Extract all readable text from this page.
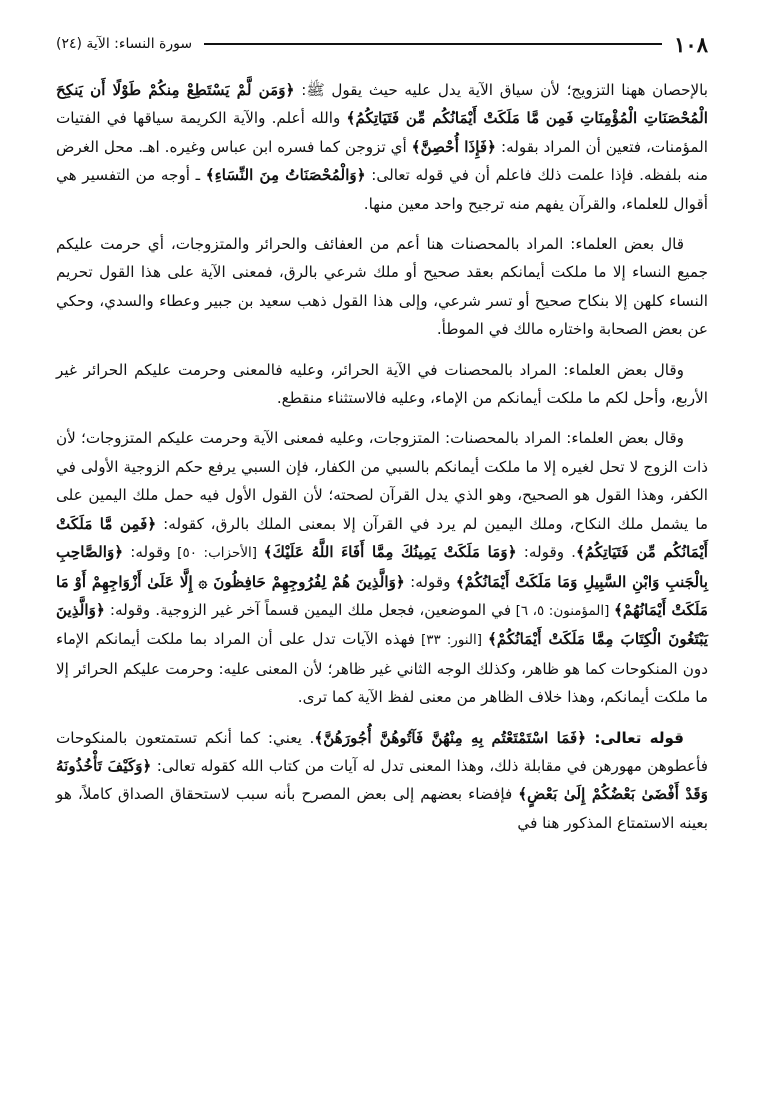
١٠٨
سورة النساء: الآية (٢٤)

بالإحصان ههنا التزويج؛ لأن سياق الآية يدل عليه حيث يقول ﷺ: ﴿وَمَن لَّمْ يَسْتَطِعْ مِنكُمْ طَوْلًا أَن يَنكِحَ الْمُحْصَنَاتِ الْمُؤْمِنَاتِ فَمِن مَّا مَلَكَتْ أَيْمَانُكُم مِّن فَتَيَاتِكُمُ﴾ والله أعلم. والآية الكريمة سياقها في الفتيات المؤمنات، فتعين أن المراد بقوله: ﴿فَإِذَا أُحْصِنَّ﴾ أي تزوجن كما فسره ابن عباس وغيره. اهـ. محل الغرض منه بلفظه. فإذا علمت ذلك فاعلم أن في قوله تعالى: ﴿وَالْمُحْصَنَاتُ مِنَ النِّسَاءِ﴾ ـ أوجه من التفسير هي أقوال للعلماء، والقرآن يفهم منه ترجيح واحد معين منها.

قال بعض العلماء: المراد بالمحصنات هنا أعم من العفائف والحرائر والمتزوجات، أي حرمت عليكم جميع النساء إلا ما ملكت أيمانكم بعقد صحيح أو ملك شرعي بالرق، فمعنى الآية على هذا القول تحريم النساء كلهن إلا بنكاح صحيح أو تسر شرعي، وإلى هذا القول ذهب سعيد بن جبير وعطاء والسدي، وحكي عن بعض الصحابة واختاره مالك في الموطأ.

وقال بعض العلماء: المراد بالمحصنات في الآية الحرائر، وعليه فالمعنى وحرمت عليكم الحرائر غير الأربع، وأحل لكم ما ملكت أيمانكم من الإماء، وعليه فالاستثناء منقطع.

وقال بعض العلماء: المراد بالمحصنات: المتزوجات، وعليه فمعنى الآية وحرمت عليكم المتزوجات؛ لأن ذات الزوج لا تحل لغيره إلا ما ملكت أيمانكم بالسبي من الكفار، فإن السبي يرفع حكم الزوجية الأولى في الكفر، وهذا القول هو الصحيح، وهو الذي يدل القرآن لصحته؛ لأن القول الأول فيه حمل ملك اليمين على ما يشمل ملك النكاح، وملك اليمين لم يرد في القرآن إلا بمعنى الملك بالرق، كقوله: ﴿فَمِن مَّا مَلَكَتْ أَيْمَانُكُم مِّن فَتَيَاتِكُمُ﴾. وقوله: ﴿وَمَا مَلَكَتْ يَمِينُكَ مِمَّا أَفَاءَ اللَّهُ عَلَيْكَ﴾ [الأحزاب: ٥٠] وقوله: ﴿وَالصَّاحِبِ بِالْجَنبِ وَابْنِ السَّبِيلِ وَمَا مَلَكَتْ أَيْمَانُكُمْ﴾ وقوله: ﴿وَالَّذِينَ هُمْ لِفُرُوجِهِمْ حَافِظُونَ ۞ إِلَّا عَلَىٰ أَزْوَاجِهِمْ أَوْ مَا مَلَكَتْ أَيْمَانُهُمْ﴾ [المؤمنون: ٥، ٦] في الموضعين، فجعل ملك اليمين قسماً آخر غير الزوجية. وقوله: ﴿وَالَّذِينَ يَبْتَغُونَ الْكِتَابَ مِمَّا مَلَكَتْ أَيْمَانُكُمْ﴾ [النور: ٣٣] فهذه الآيات تدل على أن المراد بما ملكت أيمانكم الإماء دون المنكوحات كما هو ظاهر، وكذلك الوجه الثاني غير ظاهر؛ لأن المعنى عليه: وحرمت عليكم الحرائر إلا ما ملكت أيمانكم، وهذا خلاف الظاهر من معنى لفظ الآية كما ترى.

قوله تعالى: ﴿فَمَا اسْتَمْتَعْتُم بِهِ مِنْهُنَّ فَآتُوهُنَّ أُجُورَهُنَّ﴾. يعني: كما أنكم تستمتعون بالمنكوحات فأعطوهن مهورهن في مقابلة ذلك، وهذا المعنى تدل له آيات من كتاب الله كقوله تعالى: ﴿وَكَيْفَ تَأْخُذُونَهُ وَقَدْ أَفْضَىٰ بَعْضُكُمْ إِلَىٰ بَعْضٍ﴾ فإفضاء بعضهم إلى بعض المصرح بأنه سبب لاستحقاق الصداق كاملاً، هو بعينه الاستمتاع المذكور هنا في
